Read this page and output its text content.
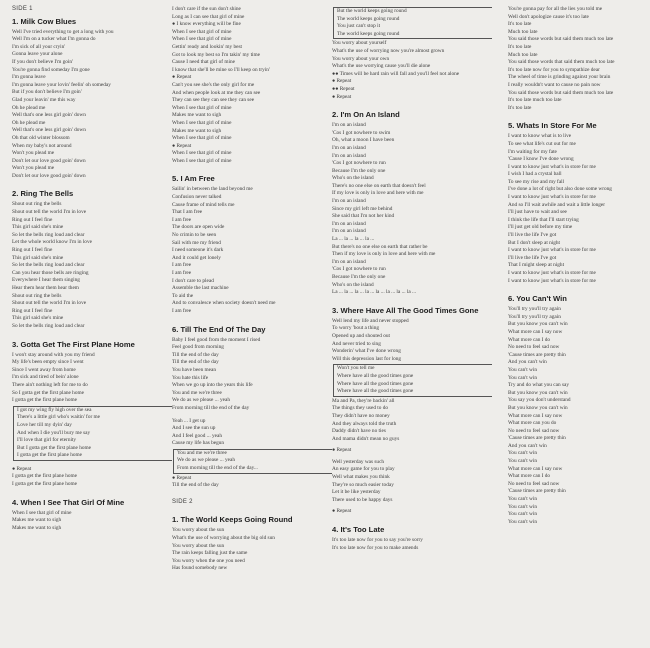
SIDE 1
1. Milk Cow Blues
Well I've tried everything to get a long with you
Well I'm on a tucker what I'm gonna do
I'm sick of all your cryin'
Gonna leave your alone
If you don't believe I'm goin'
You're gonna find someday I'm gone
I'm gonna leave
I'm gonna leave your lovin' feelin' oh someday
But if you don't believe I'm goin'
Glad your leavin' me this way
Oh he plead me
Well that's one less girl goin' down
Oh he plead me
Well that's one less girl goin' down
Oh that old winter blossom
When my baby's not around
Won't you plead me
Don't let our love good goin' down
Won't you plead me
Don't let our love good goin' down
2. Ring The Bells
Shout out ring the bells
Shout out tell the world I'm in love
Ring out I feel fine
This girl said she's mine
So let the bells ring loud and clear
Let the whole world know I'm in love
Ring out I feel fine
This girl said she's mine
So let the bells ring loud and clear
Can you hear those bells are ringing
Everywhere I hear them singing
Hear them hear them hear them
Shout out ring the bells
Shout out tell the world I'm in love
Ring out I feel fine
This girl said she's mine
So let the bells ring loud and clear
3. Gotta Get The First Plane Home
I won't stay around with you my friend
My life's been empty since I went
Since I went away from home
I'm sick and tired of bein' alone
There ain't nothing left for me to do
So I gotta get the first plane home
I gotta get the first plane home
I got my wing fly high over the sea
There's a little girl who's waitin' for me
Love her till my dyin' day
And when I die you'll bury me say
I'll love that girl for eternity
But I gotta get the first plane home
I gotta get the first plane home
● Repeat
I gotta get the first plane home
I gotta get the first plane home
4. When I See That Girl Of Mine
When I see that girl of mine
Makes me want to sigh
Makes me want to sigh
I don't care if the sun don't shine
Long as I can see that girl of mine
● I know everything will be fine
When I see that girl of mine
When I see that girl of mine
Gettin' ready and lookin' my best
Got to look my best so I'm takin' my time
Cause I need that girl of mine
I know that she'll be mine so I'll keep on tryin'
● Repeat
Can't you see she's the only girl for me
And when people look at me they can see
They can see they can see they can see
When I see that girl of mine
Makes me want to sigh
When I see that girl of mine
Makes me want to sigh
When I see that girl of mine
● Repeat
When I see that girl of mine
When I see that girl of mine
5. I Am Free
Sailin' in between the land beyond me
Confusion never talked
Cause frame of mind tells me
That I am free
I am free
The doors are open wide
No crimin to be seen
Sail with me my friend
I need someone it's dark
And it could get lonely
I am free
I am free
I don't care to plead
Assemble the last machine
To aid the
And to convalesce when society doesn't need me
I am free
6. Till The End Of The Day
Baby I feel good from the moment I rised
Feel good from morning
Till the end of the day
Till the end of the day
You have been mean
You hate this life
When we go up into the years this life
You and me we're three
We do as we please ... yeah
From morning till the end of the day
Yeah ... I get up
And I see the sun up
And I feel good ... yeah
Cause my life has begun
You and me we're three
We do as we please ... yeah
From morning till the end of the day...
● Repeat
Till the end of the day
SIDE 2
1. The World Keeps Going Round
You worry about the sun
What's the use of worrying about the big old sun
You worry about the sun
The rain keeps falling just the same
You worry when the one you need
Has found somebody new
But the world keeps going round
The world keeps going round
You just can't stop it
The world keeps going round
You worry about yourself
What's the use of worrying now you're almost grown
You worry about your own
What's the use worrying cause you'll die alone
●● Times will be hard rain will fall and you'll feel not alone
● Repeat
●● Repeat
● Repeat
2. I'm On An Island
I'm on an island
'Cos I got nowhere to swim
Oh, what a moon I have been
I'm on an island
I'm on an island
'Cos I got nowhere to run
Because I'm the only one
Who's on the island
There's no one else on earth that doesn't feel
If my love is only in love and here with me
I'm on an island
Since my girl left me behind
She said that I'm not her kind
I'm on an island
I'm on an island
La ... la ... la ... la ...
But there's no one else on earth that rather be
Then if my love is only in love and here with me
I'm on an island
'Cos I got nowhere to run
Because I'm the only one
Who's on the island
La ... la ... la ... la ... la ... la ... la ... la ...
3. Where Have All The Good Times Gone
Well lend my life and never stopped
To worry 'bout a thing
Opened up and shouted out
And never tried to sing
Wonderin' what I've done wrong
Will this depression last for long
Won't you tell me
Where have all the good times gone
Where have all the good times gone
Where have all the good times gone
Ma and Pa, they're backin' all
The things they used to do
They didn't have no money
And they always told the truth
Daddy didn't have no ties
And mama didn't mean no guys
● Repeat
Well yesterday was such
An easy game for you to play
Well what makes you think
They're so much easier today
Let it be like yesterday
There used to be happy days
● Repeat
4. It's Too Late
It's too late now for you to say you're sorry
It's too late now for you to make amends
You're gonna pay for all the lies you told me
Well don't apologize cause it's too late
It's too late
Much too late
You said those words but said them much too late
It's too late
Much too late
You said those words that said them much too late
It's too late now for you to sympathize dear
The wheel of time is grinding against your brain
I really wouldn't want to cause no pain now
You said those words but said them much too late
It's too late much too late
It's too late
5. Whats In Store For Me
I want to know what is to live
To see what life's cut out for me
I'm waiting for my fate
'Cause I know I've done wrong
I want to know just what's in store for me
I wish I had a crystal ball
To see my rise and my fall
I've done a lot of right but also done some wrong
I want to know just what's in store for me
And so I'll wait awhile and wait a little longer
I'll just have to wait and see
I think the life that I'll start trying
I'll just get old before my time
I'll live the life I've got
But I don't sleep at night
I want to know just what's in store for me
I'll live the life I've got
That I might sleep at night
I want to know just what's in store for me
I want to know just what's in store for me
6. You Can't Win
You'll try you'll try again
You'll try you'll try again
But you know you can't win
What more can I say now
What more can I do
No need to feel sad now
'Cause times are pretty thin
And you can't win
You can't win
You can't win
Try and do what you can say
But you know you can't win
You say you don't understand
But you know you can't win
What more can I say now
What more can you do
No need to feel sad now
'Cause times are pretty thin
And you can't win
You can't win
You can't win
What more can I say now
What more can I do
No need to feel sad now
'Cause times are pretty thin
You can't win
You can't win
You can't win
You can't win
